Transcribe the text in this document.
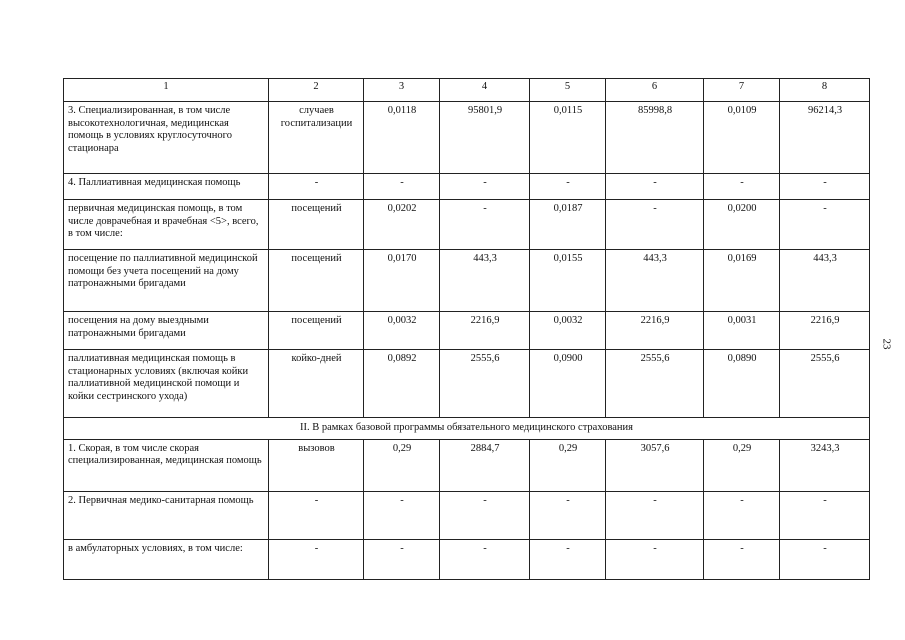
1	2	3	4	5	6	7	8
3. Специализированная, в том числе высокотехнологичная, медицинская помощь в условиях круглосуточного стационара	случаев госпитализации	0,0118	95801,9	0,0115	85998,8	0,0109	96214,3
4. Паллиативная медицинская помощь	-	-	-	-	-	-	-
первичная медицинская помощь, в том числе доврачебная и врачебная <5>, всего, в том числе:	посещений	0,0202	-	0,0187	-	0,0200	-
посещение по паллиативной медицинской помощи без учета посещений на дому патронажными бригадами	посещений	0,0170	443,3	0,0155	443,3	0,0169	443,3
посещения на дому выездными патронажными бригадами	посещений	0,0032	2216,9	0,0032	2216,9	0,0031	2216,9
паллиативная медицинская помощь в стационарных условиях (включая койки паллиативной медицинской помощи и койки сестринского ухода)	койко-дней	0,0892	2555,6	0,0900	2555,6	0,0890	2555,6
II. В рамках базовой программы обязательного медицинского страхования							
1. Скорая, в том числе скорая специализированная, медицинская помощь	вызовов	0,29	2884,7	0,29	3057,6	0,29	3243,3
2. Первичная медико-санитарная помощь	-	-	-	-	-	-	-
в амбулаторных условиях, в том числе:	-	-	-	-	-	-	-
23
